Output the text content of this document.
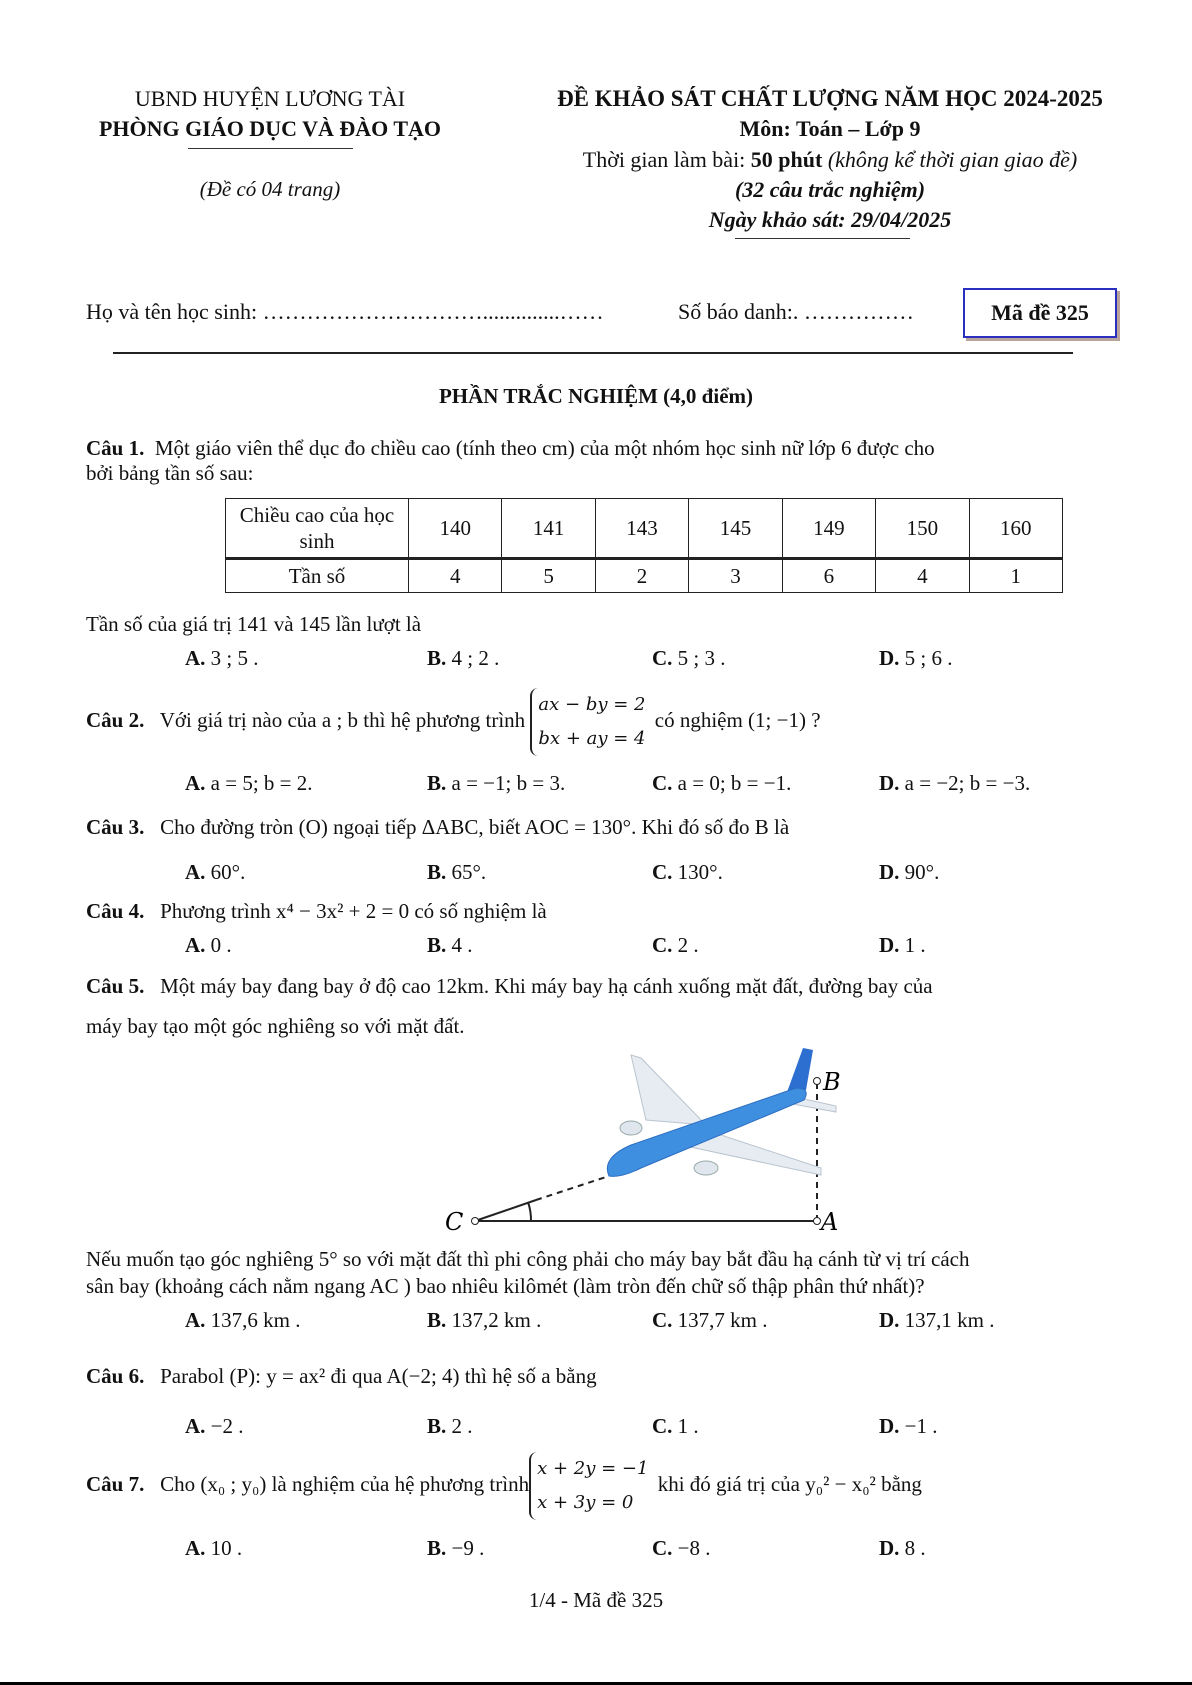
UBND HUYỆN LƯƠNG TÀI
PHÒNG GIÁO DỤC VÀ ĐÀO TẠO
(Đề có 04 trang)
ĐỀ KHẢO SÁT CHẤT LƯỢNG NĂM HỌC 2024-2025
Môn: Toán – Lớp 9
Thời gian làm bài: 50 phút (không kể thời gian giao đề)
(32 câu trắc nghiệm)
Ngày khảo sát: 29/04/2025
Họ và tên học sinh: …………………………..............……	Số báo danh:. ……………	Mã đề 325
PHẦN TRẮC NGHIỆM (4,0 điểm)
Câu 1. Một giáo viên thể dục đo chiều cao (tính theo cm) của một nhóm học sinh nữ lớp 6 được cho
bởi bảng tần số sau:
Chiều cao của học sinh	140	141	143	145	149	150	160
Tần số	4	5	2	3	6	4	1
Tần số của giá trị 141 và 145 lần lượt là
A. 3 ; 5 .	B. 4 ; 2 .	C. 5 ; 3 .	D. 5 ; 6 .
Câu 2. Với giá trị nào của a ; b thì hệ phương trình
ax − by = 2
bx + ay = 4
có nghiệm (1; −1) ?
A. a = 5; b = 2.	B. a = −1; b = 3.	C. a = 0; b = −1.	D. a = −2; b = −3.
Câu 3. Cho đường tròn (O) ngoại tiếp ΔABC, biết AOC = 130°. Khi đó số đo B là
A. 60°.	B. 65°.	C. 130°.	D. 90°.
Câu 4. Phương trình x⁴ − 3x² + 2 = 0 có số nghiệm là
A. 0 .	B. 4 .	C. 2 .	D. 1 .
Câu 5. Một máy bay đang bay ở độ cao 12km. Khi máy bay hạ cánh xuống mặt đất, đường bay của
máy bay tạo một góc nghiêng so với mặt đất.
B
C	A
Nếu muốn tạo góc nghiêng 5° so với mặt đất thì phi công phải cho máy bay bắt đầu hạ cánh từ vị trí cách
sân bay (khoảng cách nằm ngang AC ) bao nhiêu kilômét (làm tròn đến chữ số thập phân thứ nhất)?
A. 137,6 km .	B. 137,2 km .	C. 137,7 km .	D. 137,1 km .
Câu 6. Parabol (P): y = ax² đi qua A(−2; 4) thì hệ số a bằng
A. −2 .	B. 2 .	C. 1 .	D. −1 .
Câu 7. Cho (x₀ ; y₀) là nghiệm của hệ phương trình
x + 2y = −1
x + 3y = 0
khi đó giá trị của y₀² − x₀² bằng
A. 10 .	B. −9 .	C. −8 .	D. 8 .
1/4 - Mã đề 325
